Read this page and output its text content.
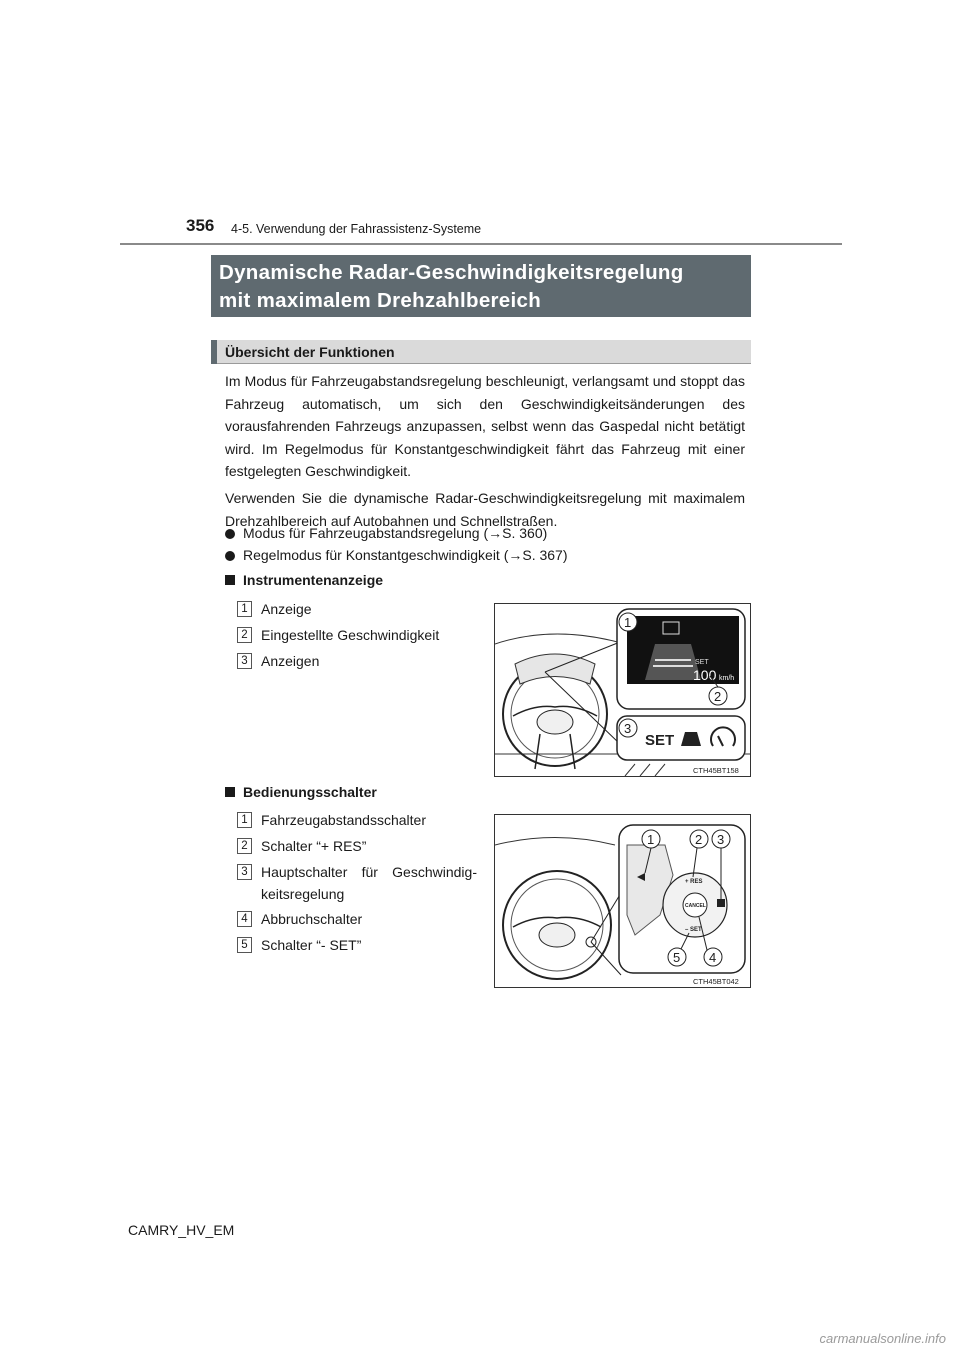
356 4-5. Verwendung der Fahrassistenz-Systeme
Dynamische Radar-Geschwindigkeitsregelung
mit maximalem Drehzahlbereich
Übersicht der Funktionen

Im Modus für Fahrzeugabstandsregelung beschleunigt, verlangsamt und stoppt das Fahrzeug automatisch, um sich den Geschwindigkeitsänderungen des vorausfahrenden Fahrzeugs anzupassen, selbst wenn das Gaspedal nicht betätigt wird. Im Regelmodus für Konstantgeschwindigkeit fährt das Fahrzeug mit einer festgelegten Geschwindigkeit.

Verwenden Sie die dynamische Radar-Geschwindigkeitsregelung mit maximalem Drehzahlbereich auf Autobahnen und Schnellstraßen.

Modus für Fahrzeugabstandsregelung (→S. 360)
Regelmodus für Konstantgeschwindigkeit (→S. 367)
Instrumentenanzeige
1 Anzeige
2 Eingestellte Geschwindigkeit
3 Anzeigen	SET
100 km/h
1
2
3
SET
CTH45BT158
Bedienungsschalter
1 Fahrzeugabstandsschalter
2 Schalter “+ RES”
3 Hauptschalter für Geschwindigkeitsregelung
4 Abbruchschalter
5 Schalter “- SET”
CANCEL
+ RES
– SET
1	2 3
4
5
CTH45BT042
CAMRY_HV_EM
carmanualsonline.info
